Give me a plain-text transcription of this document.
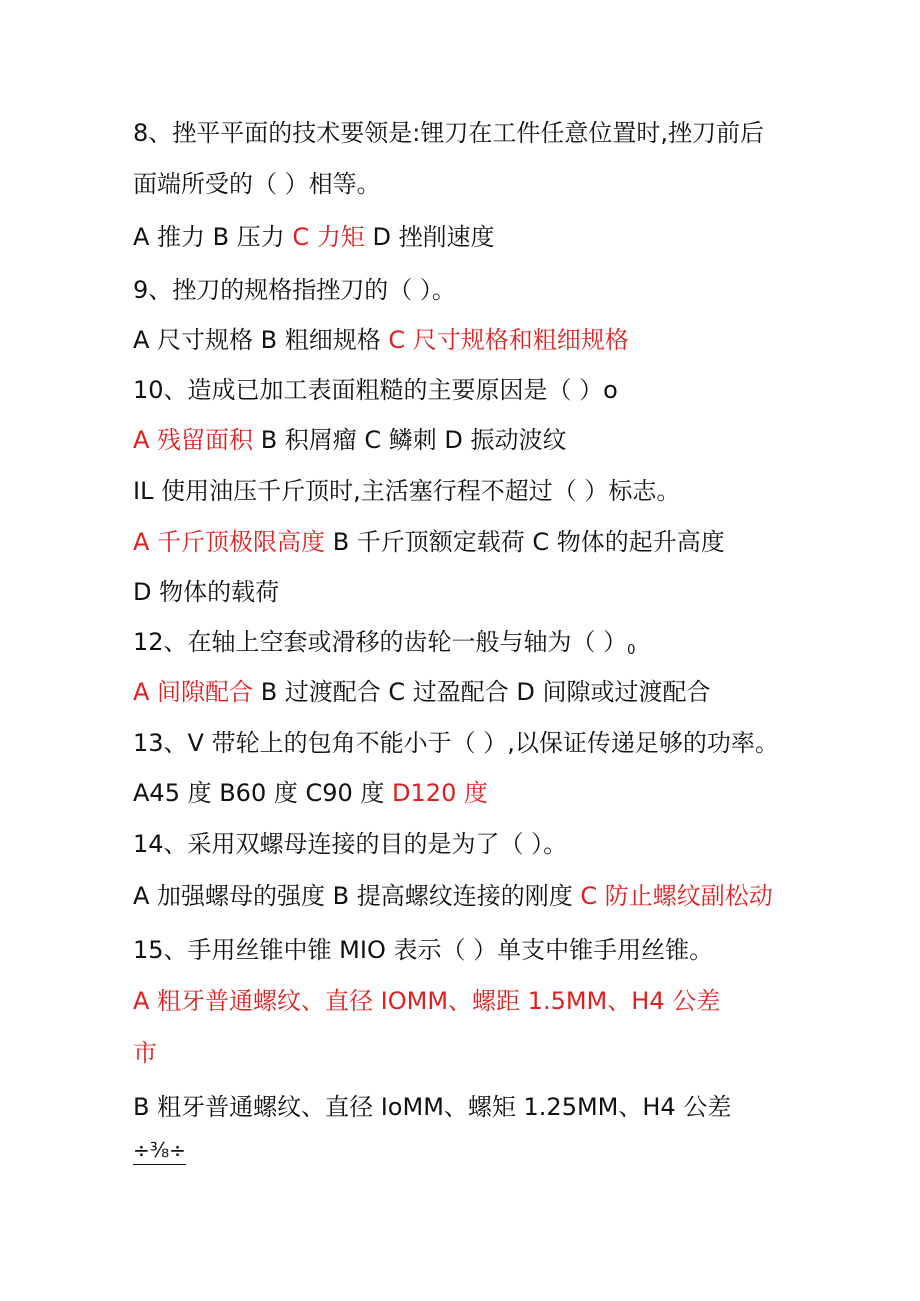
8、挫平平面的技术要领是:锂刀在工件任意位置时,挫刀前后

面端所受的（ ）相等。

A 推力 B 压力 C 力矩 D 挫削速度

9、挫刀的规格指挫刀的（ ）。

A 尺寸规格 B 粗细规格 C 尺寸规格和粗细规格

10、造成已加工表面粗糙的主要原因是（ ）o

A 残留面积 B 积屑瘤 C 鳞刺 D 振动波纹

IL 使用油压千斤顶时,主活塞行程不超过（ ）标志。

A 千斤顶极限高度 B 千斤顶额定载荷 C 物体的起升高度

D 物体的载荷

12、在轴上空套或滑移的齿轮一般与轴为（ ）$_0$

A 间隙配合 B 过渡配合 C 过盈配合 D 间隙或过渡配合

13、V 带轮上的包角不能小于（ ）,以保证传递足够的功率。

A45 度 B60 度 C90 度 D120 度

14、采用双螺母连接的目的是为了（ ）。

A 加强螺母的强度 B 提高螺纹连接的刚度 C 防止螺纹副松动

15、手用丝锥中锥 MIO 表示（ ）单支中锥手用丝锥。

A 粗牙普通螺纹、直径 IOMM、螺距 1.5MM、H4 公差

市

B 粗牙普通螺纹、直径 IoMM、螺矩 1.25MM、H4 公差

÷⅜÷
